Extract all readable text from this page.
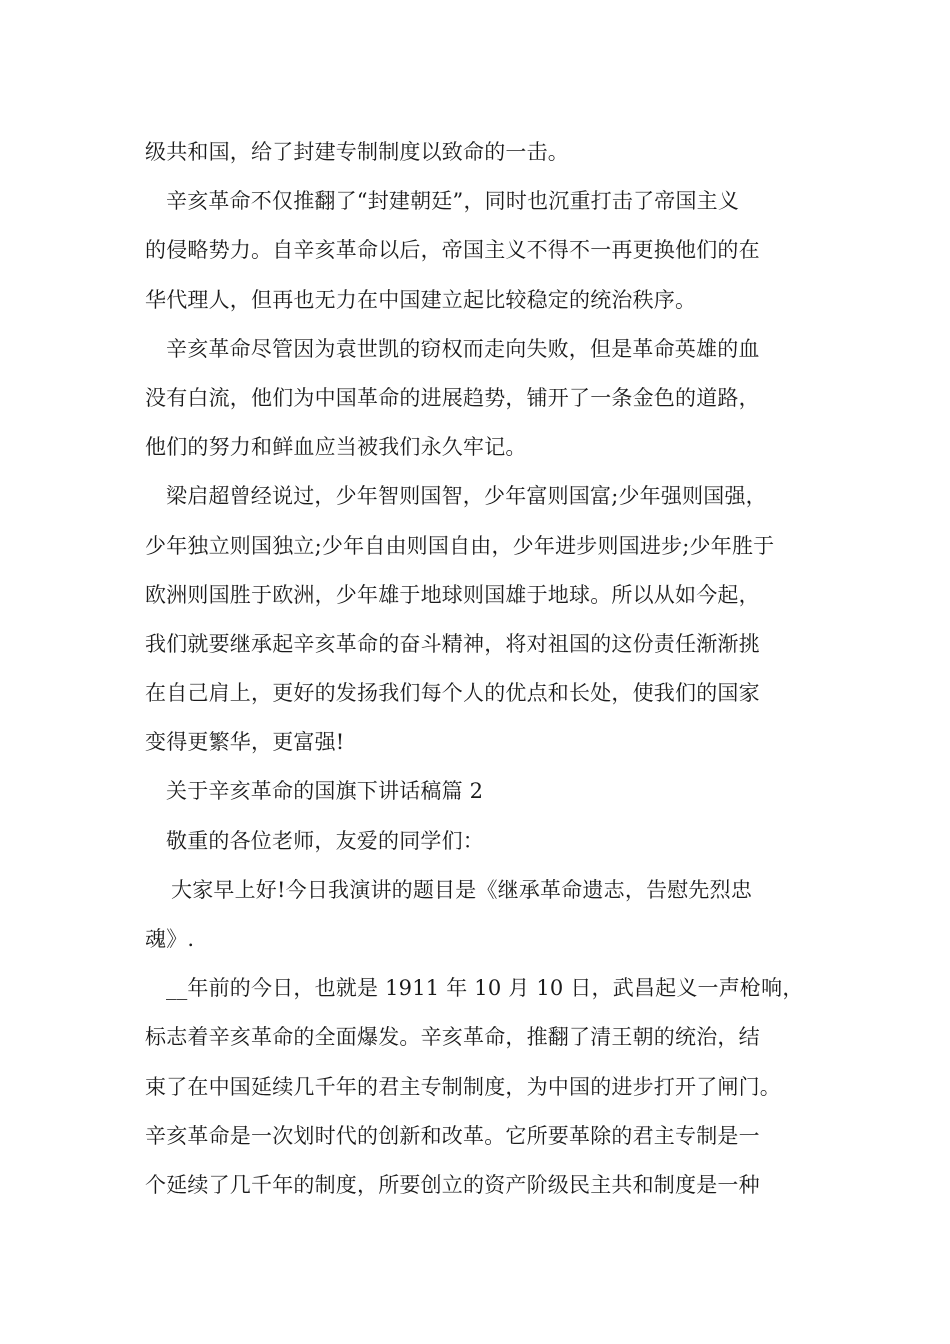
级共和国，给了封建专制制度以致命的一击。
辛亥革命不仅推翻了“封建朝廷”，同时也沉重打击了帝国主义
的侵略势力。自辛亥革命以后，帝国主义不得不一再更换他们的在
华代理人，但再也无力在中国建立起比较稳定的统治秩序。
辛亥革命尽管因为袁世凯的窃权而走向失败，但是革命英雄的血
没有白流，他们为中国革命的进展趋势，铺开了一条金色的道路，
他们的努力和鲜血应当被我们永久牢记。
梁启超曾经说过，少年智则国智，少年富则国富;少年强则国强，
少年独立则国独立;少年自由则国自由，少年进步则国进步;少年胜于
欧洲则国胜于欧洲，少年雄于地球则国雄于地球。所以从如今起，
我们就要继承起辛亥革命的奋斗精神，将对祖国的这份责任渐渐挑
在自己肩上，更好的发扬我们每个人的优点和长处，使我们的国家
变得更繁华，更富强!
关于辛亥革命的国旗下讲话稿篇 2
敬重的各位老师，友爱的同学们：
大家早上好!今日我演讲的题目是《继承革命遗志，告慰先烈忠
魂》.
__年前的今日，也就是 1911 年 10 月 10 日，武昌起义一声枪响，
标志着辛亥革命的全面爆发。辛亥革命，推翻了清王朝的统治，结
束了在中国延续几千年的君主专制制度，为中国的进步打开了闸门。
辛亥革命是一次划时代的创新和改革。它所要革除的君主专制是一
个延续了几千年的制度，所要创立的资产阶级民主共和制度是一种
